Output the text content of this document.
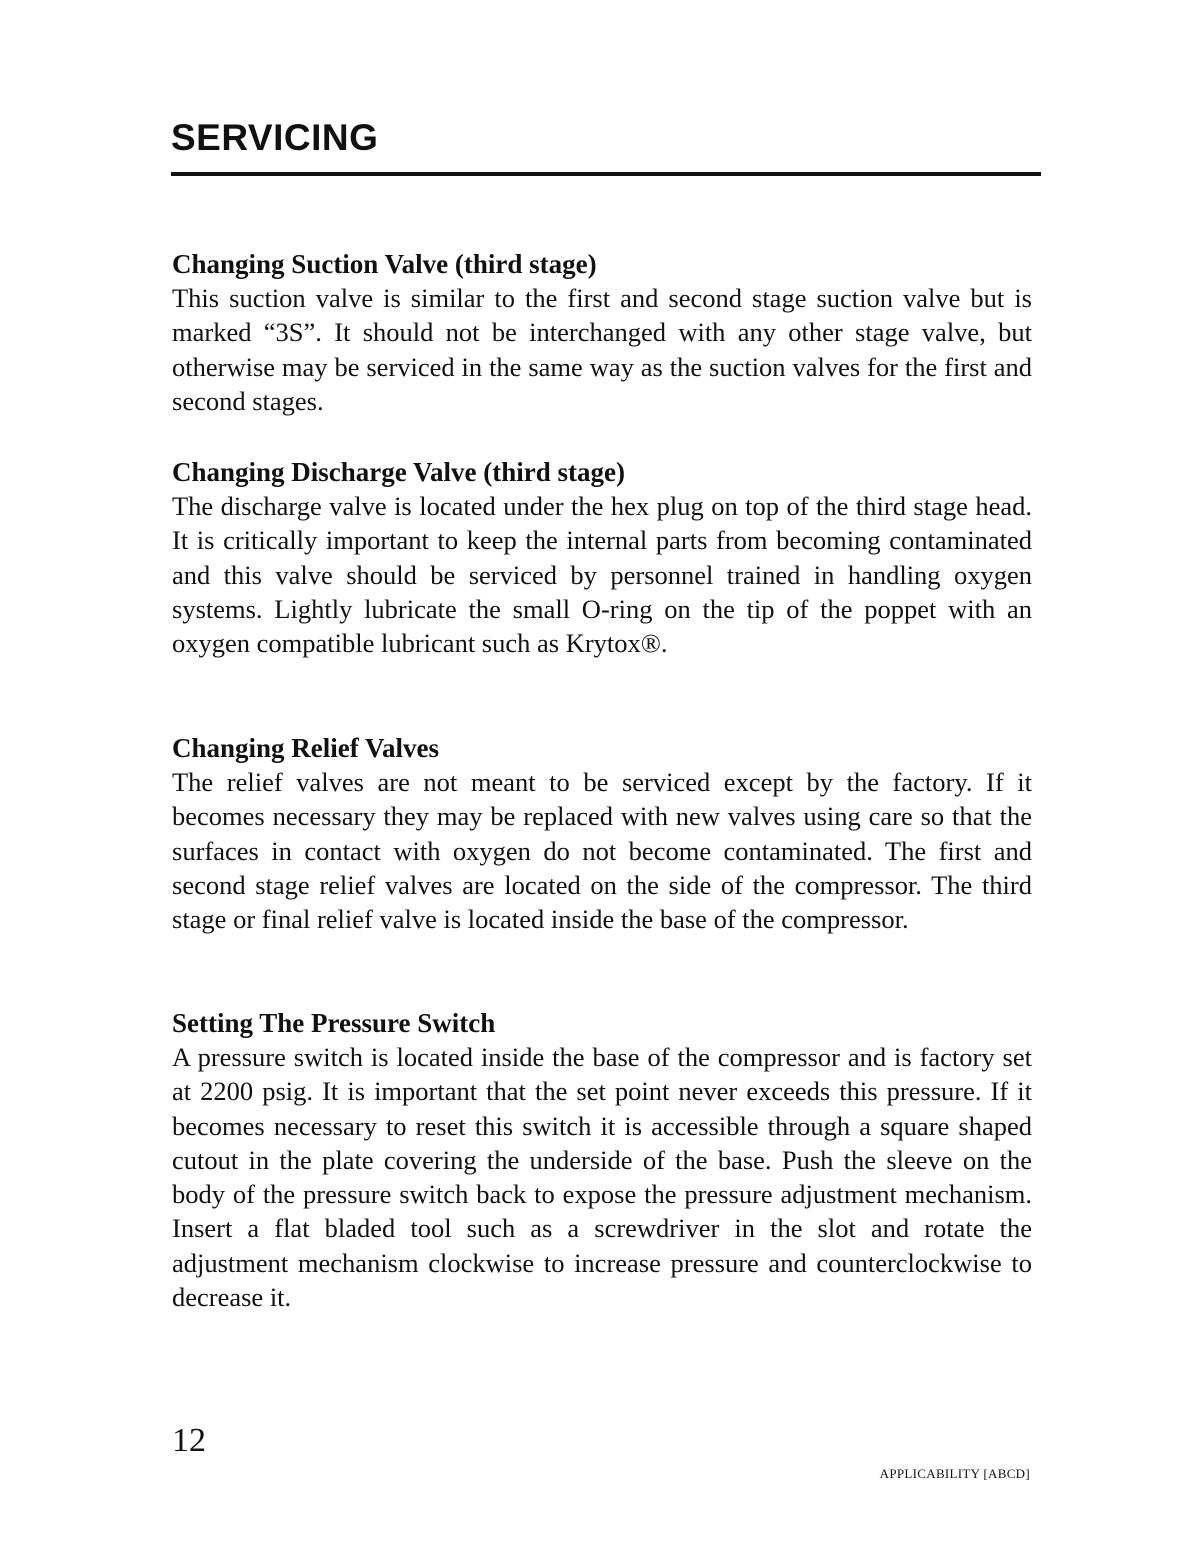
SERVICING
Changing Suction Valve (third stage)

This suction valve is similar to the first and second stage suction valve but is marked “3S”. It should not be interchanged with any other stage valve, but otherwise may be serviced in the same way as the suction valves for the first and second stages.

Changing Discharge Valve (third stage)

The discharge valve is located under the hex plug on top of the third stage head. It is critically important to keep the internal parts from becoming contaminated and this valve should be serviced by personnel trained in handling oxygen systems. Lightly lubricate the small O-ring on the tip of the poppet with an oxygen compatible lubricant such as Krytox®.

Changing Relief Valves

The relief valves are not meant to be serviced except by the factory. If it becomes necessary they may be replaced with new valves using care so that the surfaces in contact with oxygen do not become contaminated. The first and second stage relief valves are located on the side of the compressor. The third stage or final relief valve is located inside the base of the compressor.

Setting The Pressure Switch

A pressure switch is located inside the base of the compressor and is factory set at 2200 psig. It is important that the set point never exceeds this pressure. If it becomes necessary to reset this switch it is accessible through a square shaped cutout in the plate covering the underside of the base. Push the sleeve on the body of the pressure switch back to expose the pressure adjustment mechanism. Insert a flat bladed tool such as a screwdriver in the slot and rotate the adjustment mechanism clockwise to increase pressure and counterclockwise to decrease it.

12
APPLICABILITY [ABCD]
